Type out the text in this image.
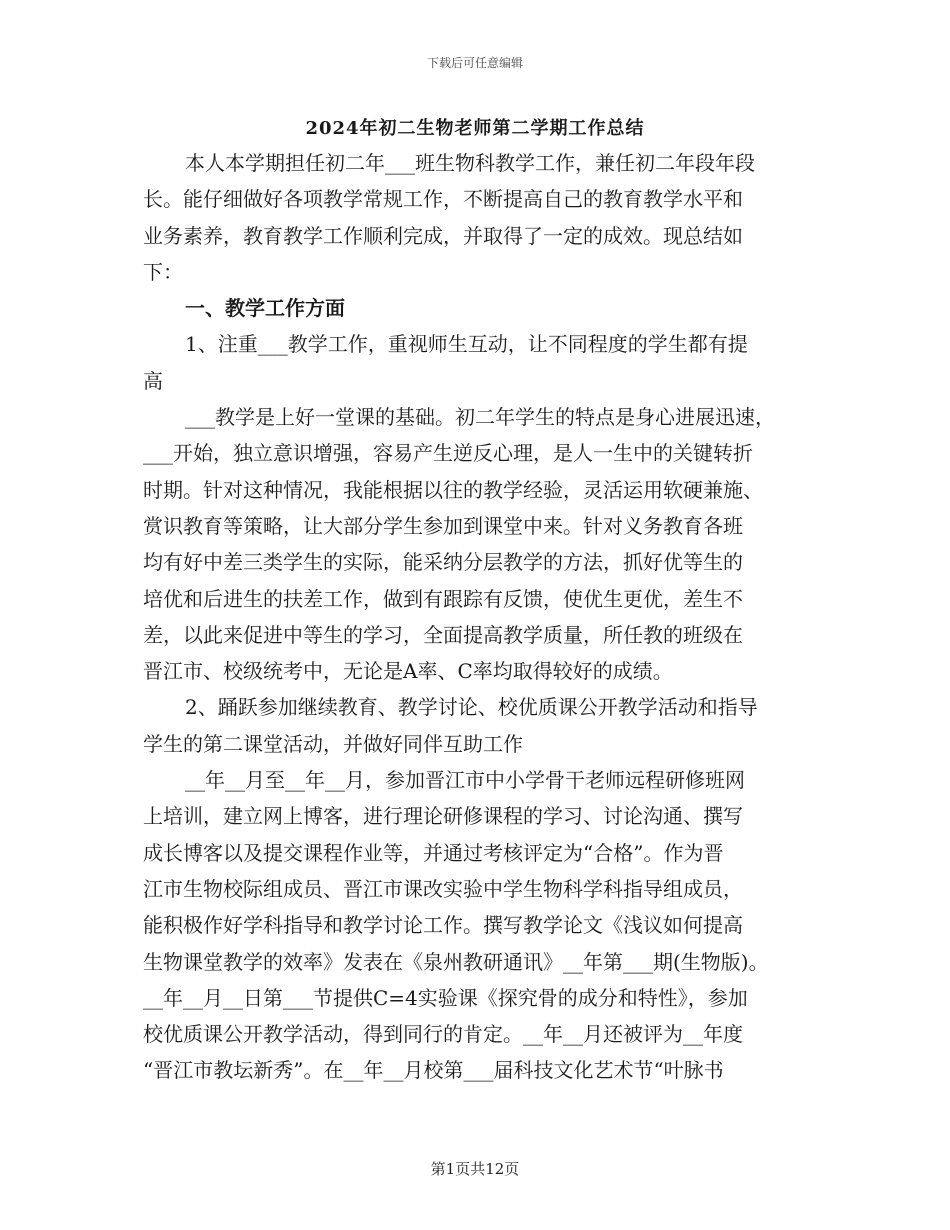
下载后可任意编辑
2024年初二生物老师第二学期工作总结
本人本学期担任初二年___班生物科教学工作，兼任初二年段年段
长。能仔细做好各项教学常规工作，不断提高自己的教育教学水平和
业务素养，教育教学工作顺利完成，并取得了一定的成效。现总结如
下：
一、教学工作方面
1、注重___教学工作，重视师生互动，让不同程度的学生都有提
高
___教学是上好一堂课的基础。初二年学生的特点是身心进展迅速，
___开始，独立意识增强，容易产生逆反心理，是人一生中的关键转折
时期。针对这种情况，我能根据以往的教学经验，灵活运用软硬兼施、
赏识教育等策略，让大部分学生参加到课堂中来。针对义务教育各班
均有好中差三类学生的实际，能采纳分层教学的方法，抓好优等生的
培优和后进生的扶差工作，做到有跟踪有反馈，使优生更优，差生不
差，以此来促进中等生的学习，全面提高教学质量，所任教的班级在
晋江市、校级统考中，无论是A率、C率均取得较好的成绩。
2、踊跃参加继续教育、教学讨论、校优质课公开教学活动和指导
学生的第二课堂活动，并做好同伴互助工作
__年__月至__年__月，参加晋江市中小学骨干老师远程研修班网
上培训，建立网上博客，进行理论研修课程的学习、讨论沟通、撰写
成长博客以及提交课程作业等，并通过考核评定为“合格”。作为晋
江市生物校际组成员、晋江市课改实验中学生物科学科指导组成员，
能积极作好学科指导和教学讨论工作。撰写教学论文《浅议如何提高
生物课堂教学的效率》发表在《泉州教研通讯》__年第___期(生物版)。
__年__月__日第___节提供C=4实验课《探究骨的成分和特性》，参加
校优质课公开教学活动，得到同行的肯定。__年__月还被评为__年度
“晋江市教坛新秀”。在__年__月校第___届科技文化艺术节“叶脉书
第1页共12页
